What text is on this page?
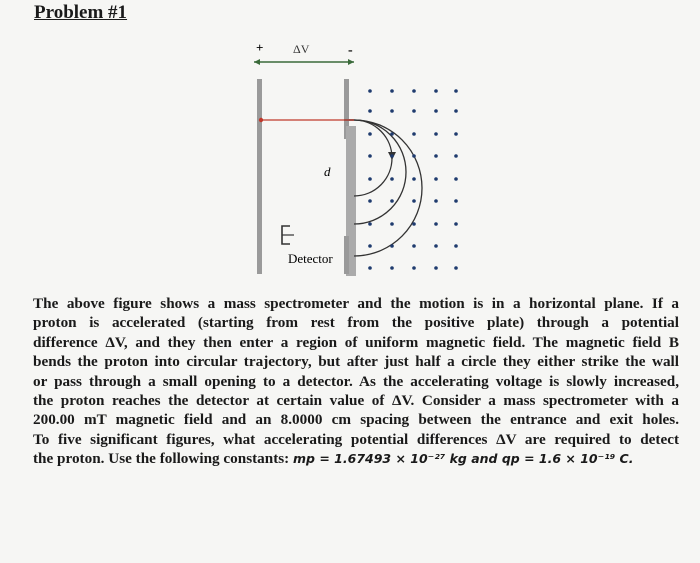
Problem #1
+ ΔV	-
d
Detector
The above figure shows a mass spectrometer and the motion is in a horizontal plane. If a
proton is accelerated (starting from rest from the positive plate) through a potential
difference ΔV, and they then enter a region of uniform magnetic field. The magnetic field B
bends the proton into circular trajectory, but after just half a circle they either strike the wall
or pass through a small opening to a detector. As the accelerating voltage is slowly increased,
the proton reaches the detector at certain value of ΔV. Consider a mass spectrometer with a
200.00 mT magnetic field and an 8.0000 cm spacing between the entrance and exit holes.
To five significant figures, what accelerating potential differences ΔV are required to detect
the proton. Use the following constants: mp = 1.67493 × 10⁻²⁷ kg and qp = 1.6 × 10⁻¹⁹ C.
